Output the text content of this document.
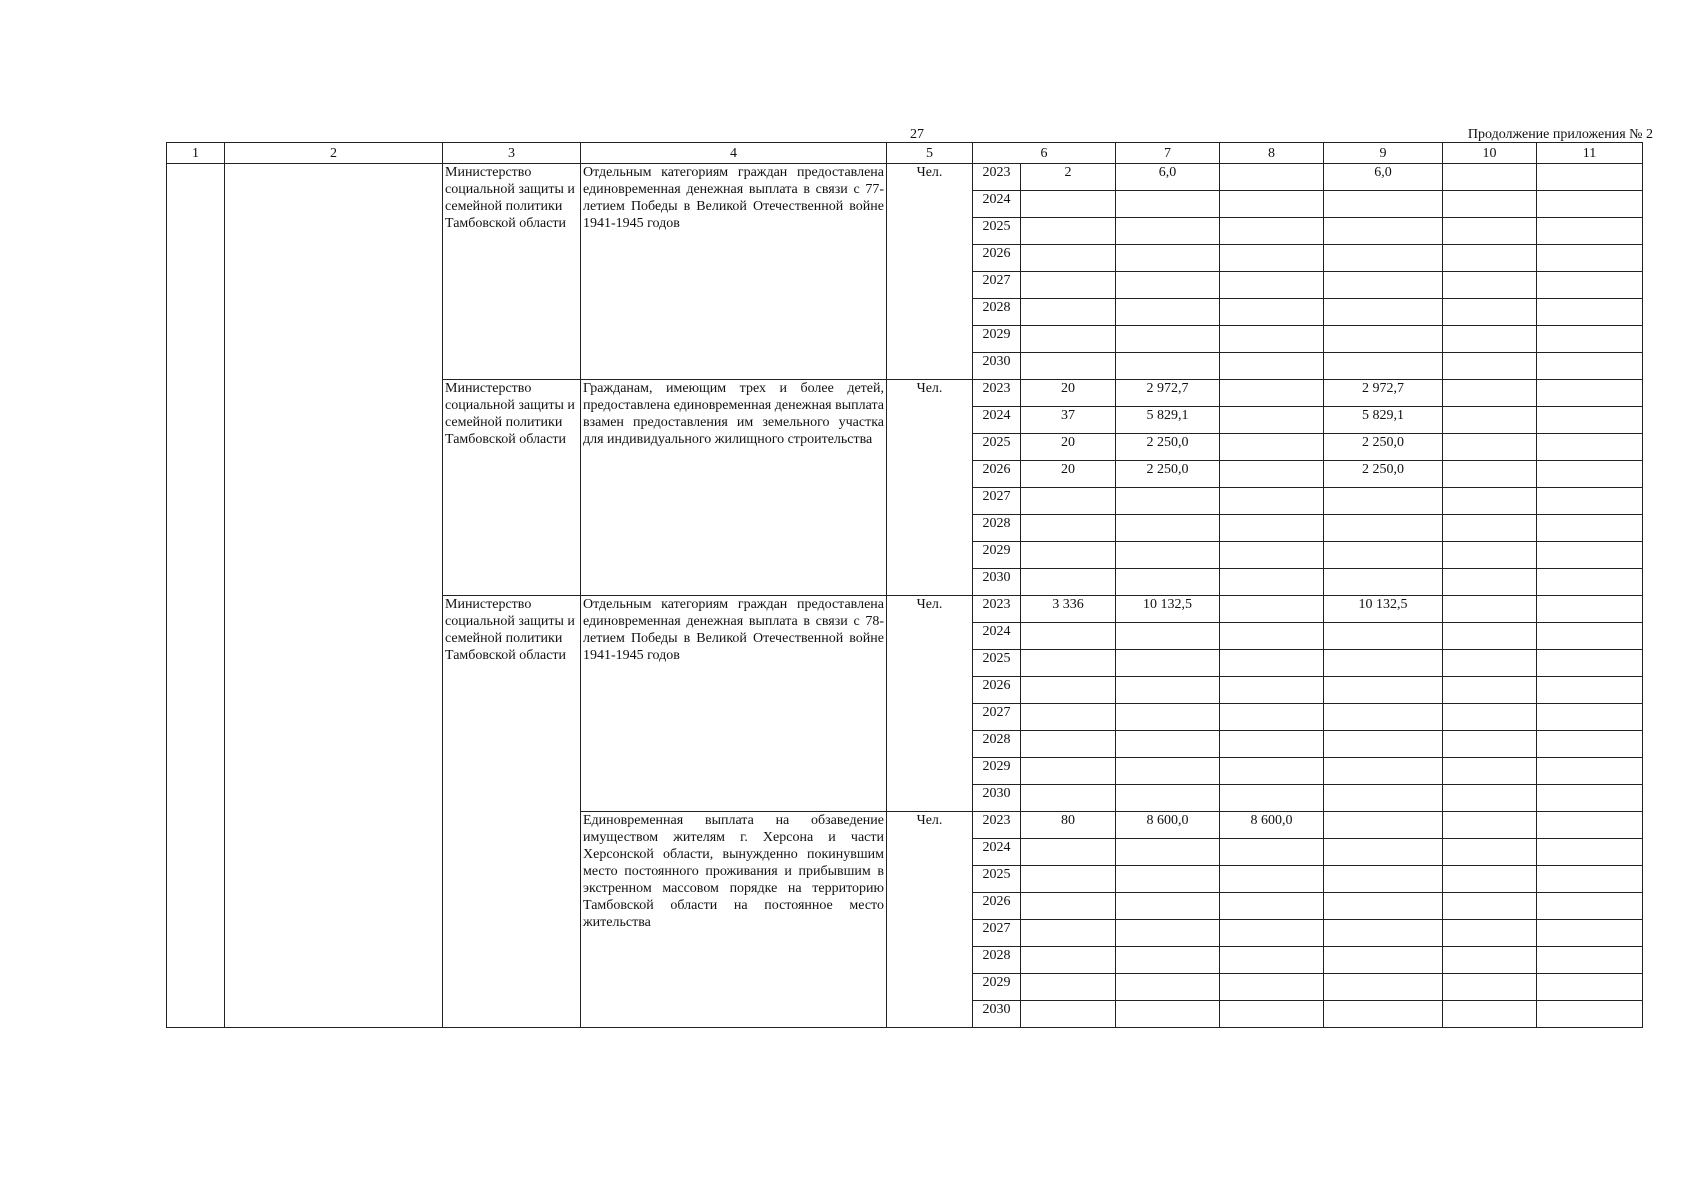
27	Продолжение приложения № 2
1	2	3	4	5	6		7	8	9	10	11
		Министерство социальной защиты и семейной политики Тамбовской области	Отдельным категориям граждан предоставлена единовременная денежная выплата в связи с 77-летием Победы в Великой Отечественной войне 1941-1945 годов	Чел.	2023	2	6,0		6,0		
					2024						
					2025						
					2026						
					2027						
					2028						
					2029						
					2030						
		Министерство социальной защиты и семейной политики Тамбовской области	Гражданам, имеющим трех и более детей, предоставлена единовременная денежная выплата взамен предоставления им земельного участка для индивидуального жилищного строительства	Чел.	2023	20	2 972,7		2 972,7		
					2024	37	5 829,1		5 829,1		
					2025	20	2 250,0		2 250,0		
					2026	20	2 250,0		2 250,0		
					2027						
					2028						
					2029						
					2030						
		Министерство социальной защиты и семейной политики Тамбовской области	Отдельным категориям граждан предоставлена единовременная денежная выплата в связи с 78-летием Победы в Великой Отечественной войне 1941-1945 годов	Чел.	2023	3 336	10 132,5		10 132,5		
					2024						
					2025						
					2026						
					2027						
					2028						
					2029						
					2030						
			Единовременная выплата на обзаведение имуществом жителям г. Херсона и части Херсонской области, вынужденно покинувшим место постоянного проживания и прибывшим в экстренном массовом порядке на территорию Тамбовской области на постоянное место жительства	Чел.	2023	80	8 600,0	8 600,0			
					2024						
					2025						
					2026						
					2027						
					2028						
					2029						
					2030						
